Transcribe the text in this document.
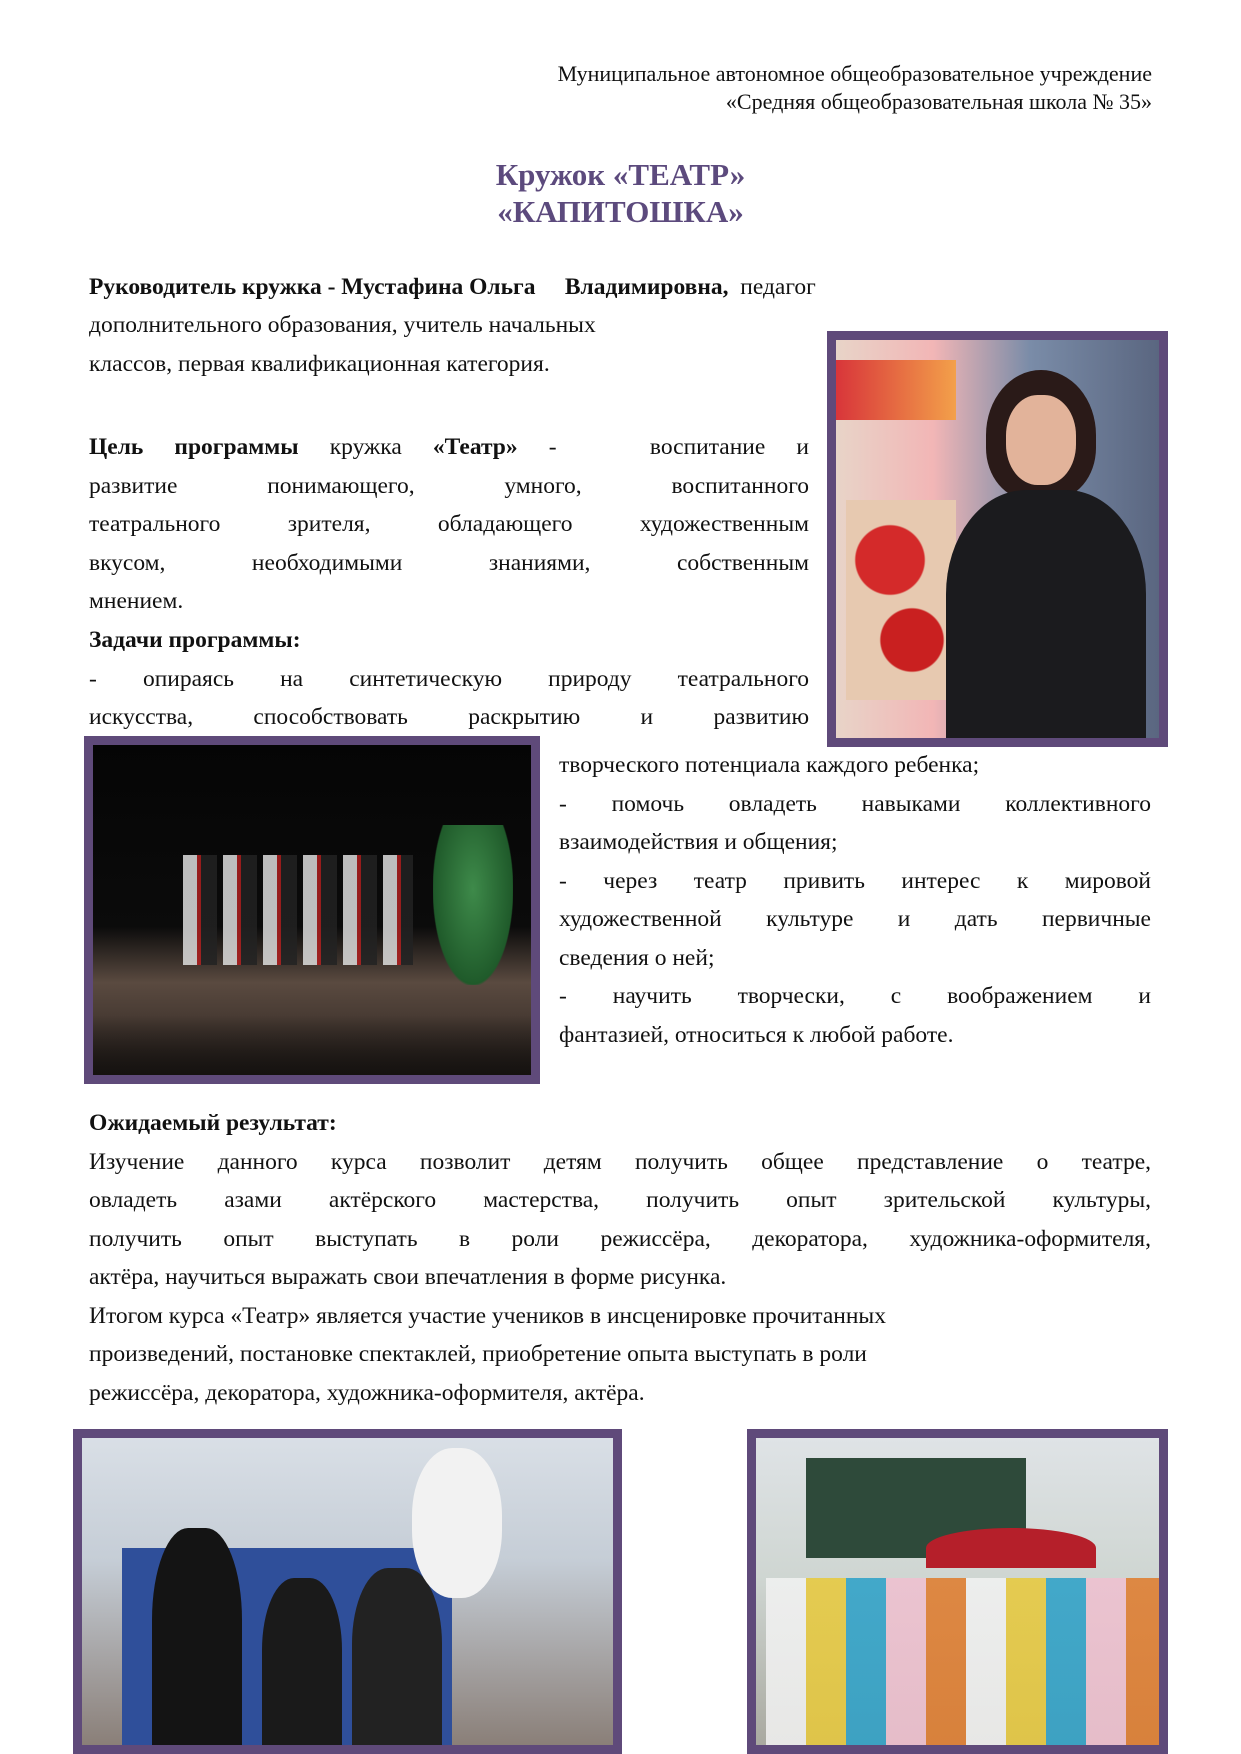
Муниципальное автономное общеобразовательное учреждение
«Средняя общеобразовательная школа № 35»
Кружок «ТЕАТР»
«КАПИТОШКА»
Руководитель кружка - Мустафина Ольга     Владимировна,  педагог
дополнительного образования, учитель начальных
классов, первая квалификационная категория.
Цель программы кружка «Театр» -   воспитание и
развитие понимающего, умного, воспитанного
театрального зрителя, обладающего художественным
вкусом, необходимыми знаниями, собственным
мнением.
Задачи программы:
- опираясь на синтетическую природу театрального
искусства, способствовать раскрытию и развитию
творческого потенциала каждого ребенка;
- помочь овладеть навыками коллективного
взаимодействия и общения;
- через театр привить интерес к мировой
художественной культуре и дать первичные
сведения о ней;
- научить творчески, с воображением и
фантазией, относиться к любой работе.
Ожидаемый результат:
Изучение данного курса позволит детям получить общее представление о театре,
овладеть азами актёрского мастерства, получить опыт зрительской культуры,
получить опыт выступать в роли режиссёра, декоратора, художника-оформителя,
актёра, научиться выражать свои впечатления в форме рисунка.
Итогом курса «Театр» является участие учеников в инсценировке прочитанных
произведений, постановке спектаклей, приобретение опыта выступать в роли
режиссёра, декоратора, художника-оформителя, актёра.
